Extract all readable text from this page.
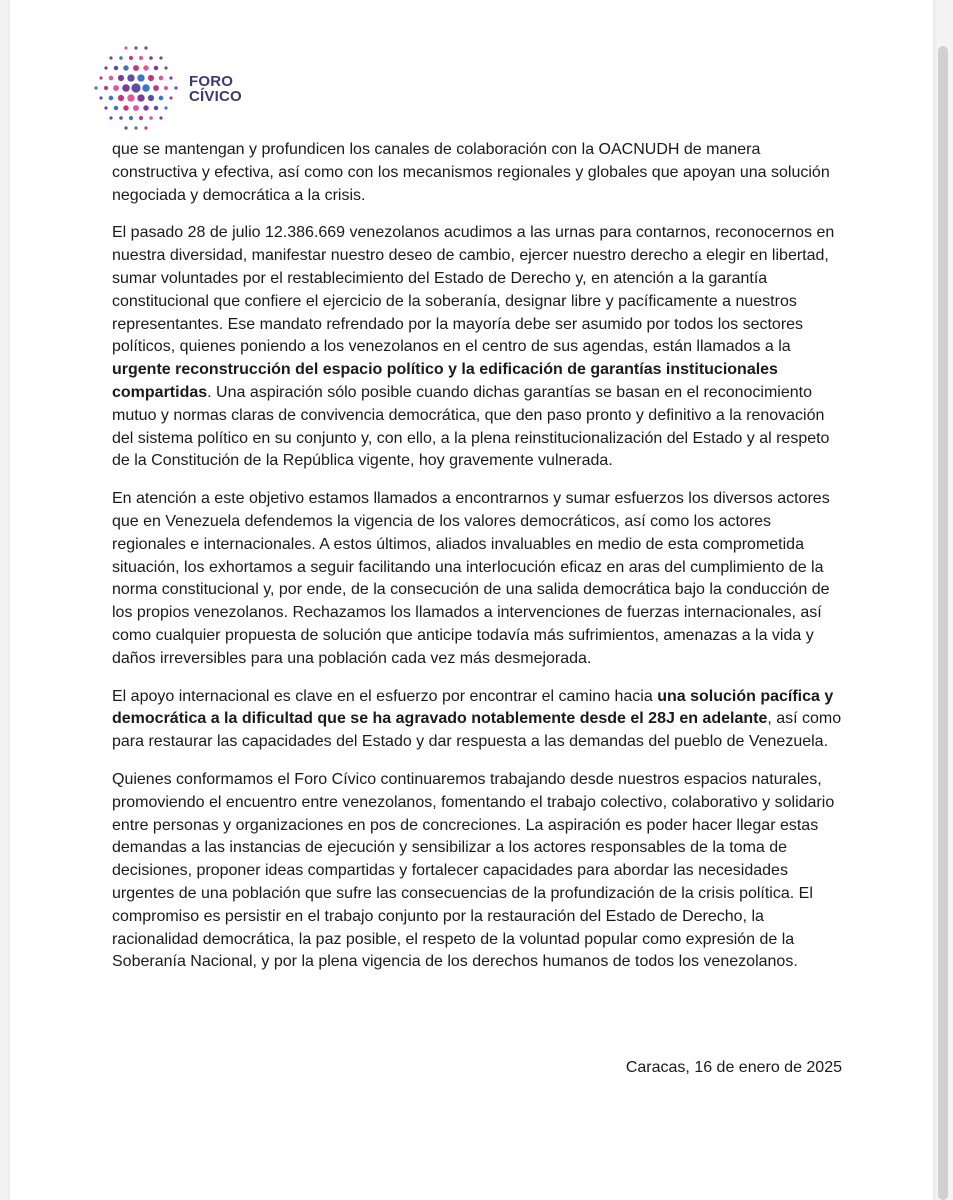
FORO
CÍVICO

que se mantengan y profundicen los canales de colaboración con la OACNUDH de manera constructiva y efectiva, así como con los mecanismos regionales y globales que apoyan una solución negociada y democrática a la crisis.

El pasado 28 de julio 12.386.669 venezolanos acudimos a las urnas para contarnos, reconocernos en nuestra diversidad, manifestar nuestro deseo de cambio, ejercer nuestro derecho a elegir en libertad, sumar voluntades por el restablecimiento del Estado de Derecho y, en atención a la garantía constitucional que confiere el ejercicio de la soberanía, designar libre y pacíficamente a nuestros representantes. Ese mandato refrendado por la mayoría debe ser asumido por todos los sectores políticos, quienes poniendo a los venezolanos en el centro de sus agendas, están llamados a la urgente reconstrucción del espacio político y la edificación de garantías institucionales compartidas. Una aspiración sólo posible cuando dichas garantías se basan en el reconocimiento mutuo y normas claras de convivencia democrática, que den paso pronto y definitivo a la renovación del sistema político en su conjunto y, con ello, a la plena reinstitucionalización del Estado y al respeto de la Constitución de la República vigente, hoy gravemente vulnerada.

En atención a este objetivo estamos llamados a encontrarnos y sumar esfuerzos los diversos actores que en Venezuela defendemos la vigencia de los valores democráticos, así como los actores regionales e internacionales. A estos últimos, aliados invaluables en medio de esta comprometida situación, los exhortamos a seguir facilitando una interlocución eficaz en aras del cumplimiento de la norma constitucional y, por ende, de la consecución de una salida democrática bajo la conducción de los propios venezolanos. Rechazamos los llamados a intervenciones de fuerzas internacionales, así como cualquier propuesta de solución que anticipe todavía más sufrimientos, amenazas a la vida y daños irreversibles para una población cada vez más desmejorada.

El apoyo internacional es clave en el esfuerzo por encontrar el camino hacia una solución pacífica y democrática a la dificultad que se ha agravado notablemente desde el 28J en adelante, así como para restaurar las capacidades del Estado y dar respuesta a las demandas del pueblo de Venezuela.

Quienes conformamos el Foro Cívico continuaremos trabajando desde nuestros espacios naturales, promoviendo el encuentro entre venezolanos, fomentando el trabajo colectivo, colaborativo y solidario entre personas y organizaciones en pos de concreciones. La aspiración es poder hacer llegar estas demandas a las instancias de ejecución y sensibilizar a los actores responsables de la toma de decisiones, proponer ideas compartidas y fortalecer capacidades para abordar las necesidades urgentes de una población que sufre las consecuencias de la profundización de la crisis política. El compromiso es persistir en el trabajo conjunto por la restauración del Estado de Derecho, la racionalidad democrática, la paz posible, el respeto de la voluntad popular como expresión de la Soberanía Nacional, y por la plena vigencia de los derechos humanos de todos los venezolanos.

Caracas, 16 de enero de 2025
